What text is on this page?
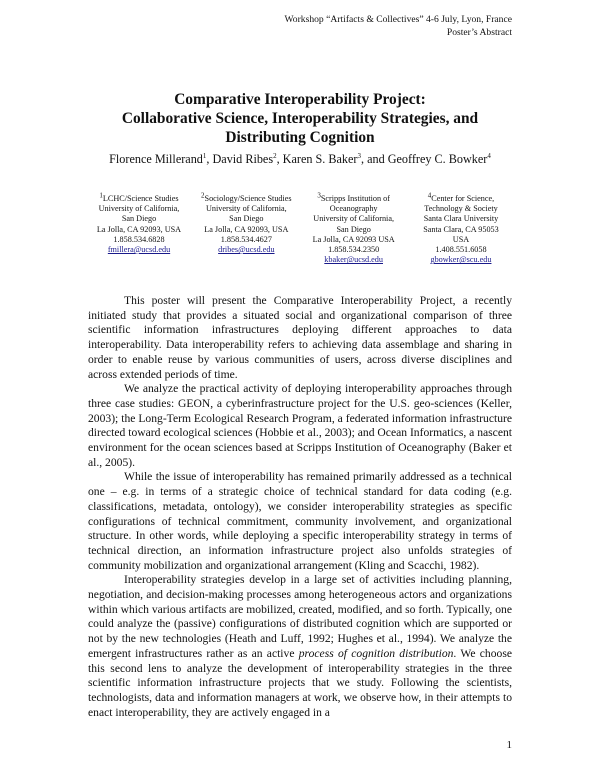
Workshop “Artifacts & Collectives” 4-6 July, Lyon, France
Poster’s Abstract
Comparative Interoperability Project:
Collaborative Science, Interoperability Strategies, and
Distributing Cognition
Florence Millerand$^1$, David Ribes$^2$, Karen S. Baker$^3$, and Geoffrey C. Bowker$^4$
$^1$LCHC/Science Studies
University of California,
San Diego
La Jolla, CA 92093, USA
1.858.534.6828
fmillera@ucsd.edu
$^2$Sociology/Science Studies
University of California,
San Diego
La Jolla, CA 92093, USA
1.858.534.4627
dribes@ucsd.edu
$^3$Scripps Institution of
Oceanography
University of California,
San Diego
La Jolla, CA 92093 USA
1.858.534.2350
kbaker@ucsd.edu
$^4$Center for Science,
Technology & Society
Santa Clara University
Santa Clara, CA 95053
USA
1.408.551.6058
gbowker@scu.edu

This poster will present the Comparative Interoperability Project, a recently initiated study that provides a situated social and organizational comparison of three scientific information infrastructures deploying different approaches to data interoperability. Data interoperability refers to achieving data assemblage and sharing in order to enable reuse by various communities of users, across diverse disciplines and across extended periods of time.

We analyze the practical activity of deploying interoperability approaches through three case studies: GEON, a cyberinfrastructure project for the U.S. geo-sciences (Keller, 2003); the Long-Term Ecological Research Program, a federated information infrastructure directed toward ecological sciences (Hobbie et al., 2003); and Ocean Informatics, a nascent environment for the ocean sciences based at Scripps Institution of Oceanography (Baker et al., 2005).

While the issue of interoperability has remained primarily addressed as a technical one – e.g. in terms of a strategic choice of technical standard for data coding (e.g. classifications, metadata, ontology), we consider interoperability strategies as specific configurations of technical commitment, community involvement, and organizational structure. In other words, while deploying a specific interoperability strategy in terms of technical direction, an information infrastructure project also unfolds strategies of community mobilization and organizational arrangement (Kling and Scacchi, 1982).

Interoperability strategies develop in a large set of activities including planning, negotiation, and decision-making processes among heterogeneous actors and organizations within which various artifacts are mobilized, created, modified, and so forth. Typically, one could analyze the (passive) configurations of distributed cognition which are supported or not by the new technologies (Heath and Luff, 1992; Hughes et al., 1994). We analyze the emergent infrastructures rather as an active process of cognition distribution. We choose this second lens to analyze the development of interoperability strategies in the three scientific information infrastructure projects that we study. Following the scientists, technologists, data and information managers at work, we observe how, in their attempts to enact interoperability, they are actively engaged in a

1
